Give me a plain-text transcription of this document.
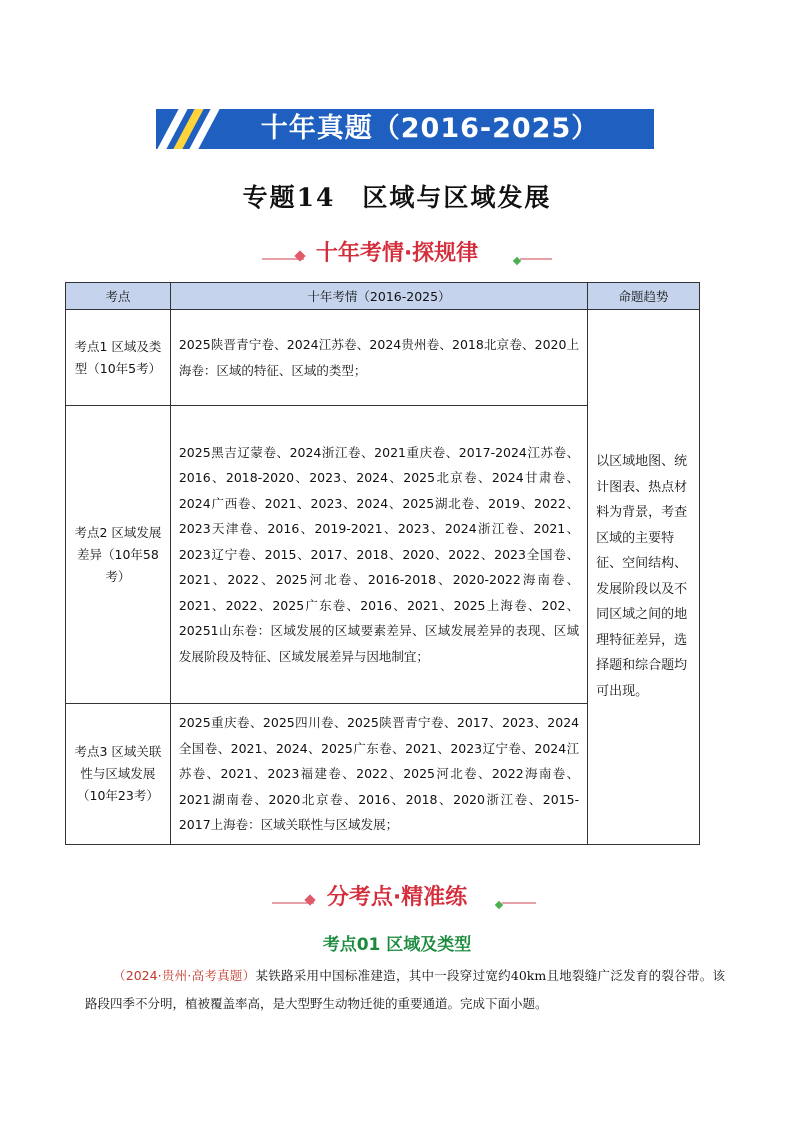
十年真题（2016-2025）
专题14　区域与区域发展
十年考情·探规律
考点	十年考情（2016-2025）	命题趋势
考点1 区域及类型（10年5考）	2025陕晋青宁卷、2024江苏卷、2024贵州卷、2018北京卷、2020上海卷：区域的特征、区域的类型；	以区域地图、统计图表、热点材料为背景，考查区域的主要特征、空间结构、发展阶段以及不同区域之间的地理特征差异，选择题和综合题均可出现。
考点2 区域发展差异（10年58考）	2025黑吉辽蒙卷、2024浙江卷、2021重庆卷、2017-2024江苏卷、2016、2018-2020、2023、2024、2025北京卷、2024甘肃卷、2024广西卷、2021、2023、2024、2025湖北卷、2019、2022、2023天津卷、2016、2019-2021、2023、2024浙江卷、2021、2023辽宁卷、2015、2017、2018、2020、2022、2023全国卷、2021、2022、2025河北卷、2016-2018、2020-2022海南卷、2021、2022、2025广东卷、2016、2021、2025上海卷、202、20251山东卷：区域发展的区域要素差异、区域发展差异的表现、区域发展阶段及特征、区域发展差异与因地制宜；	
考点3 区域关联性与区域发展（10年23考）	2025重庆卷、2025四川卷、2025陕晋青宁卷、2017、2023、2024全国卷、2021、2024、2025广东卷、2021、2023辽宁卷、2024江苏卷、2021、2023福建卷、2022、2025河北卷、2022海南卷、2021湖南卷、2020北京卷、2016、2018、2020浙江卷、2015-2017上海卷：区域关联性与区域发展；	
分考点·精准练
考点01 区域及类型
（2024·贵州·高考真题）某铁路采用中国标准建造，其中一段穿过宽约40km且地裂缝广泛发育的裂谷带。该路段四季不分明，植被覆盖率高，是大型野生动物迁徙的重要通道。完成下面小题。
